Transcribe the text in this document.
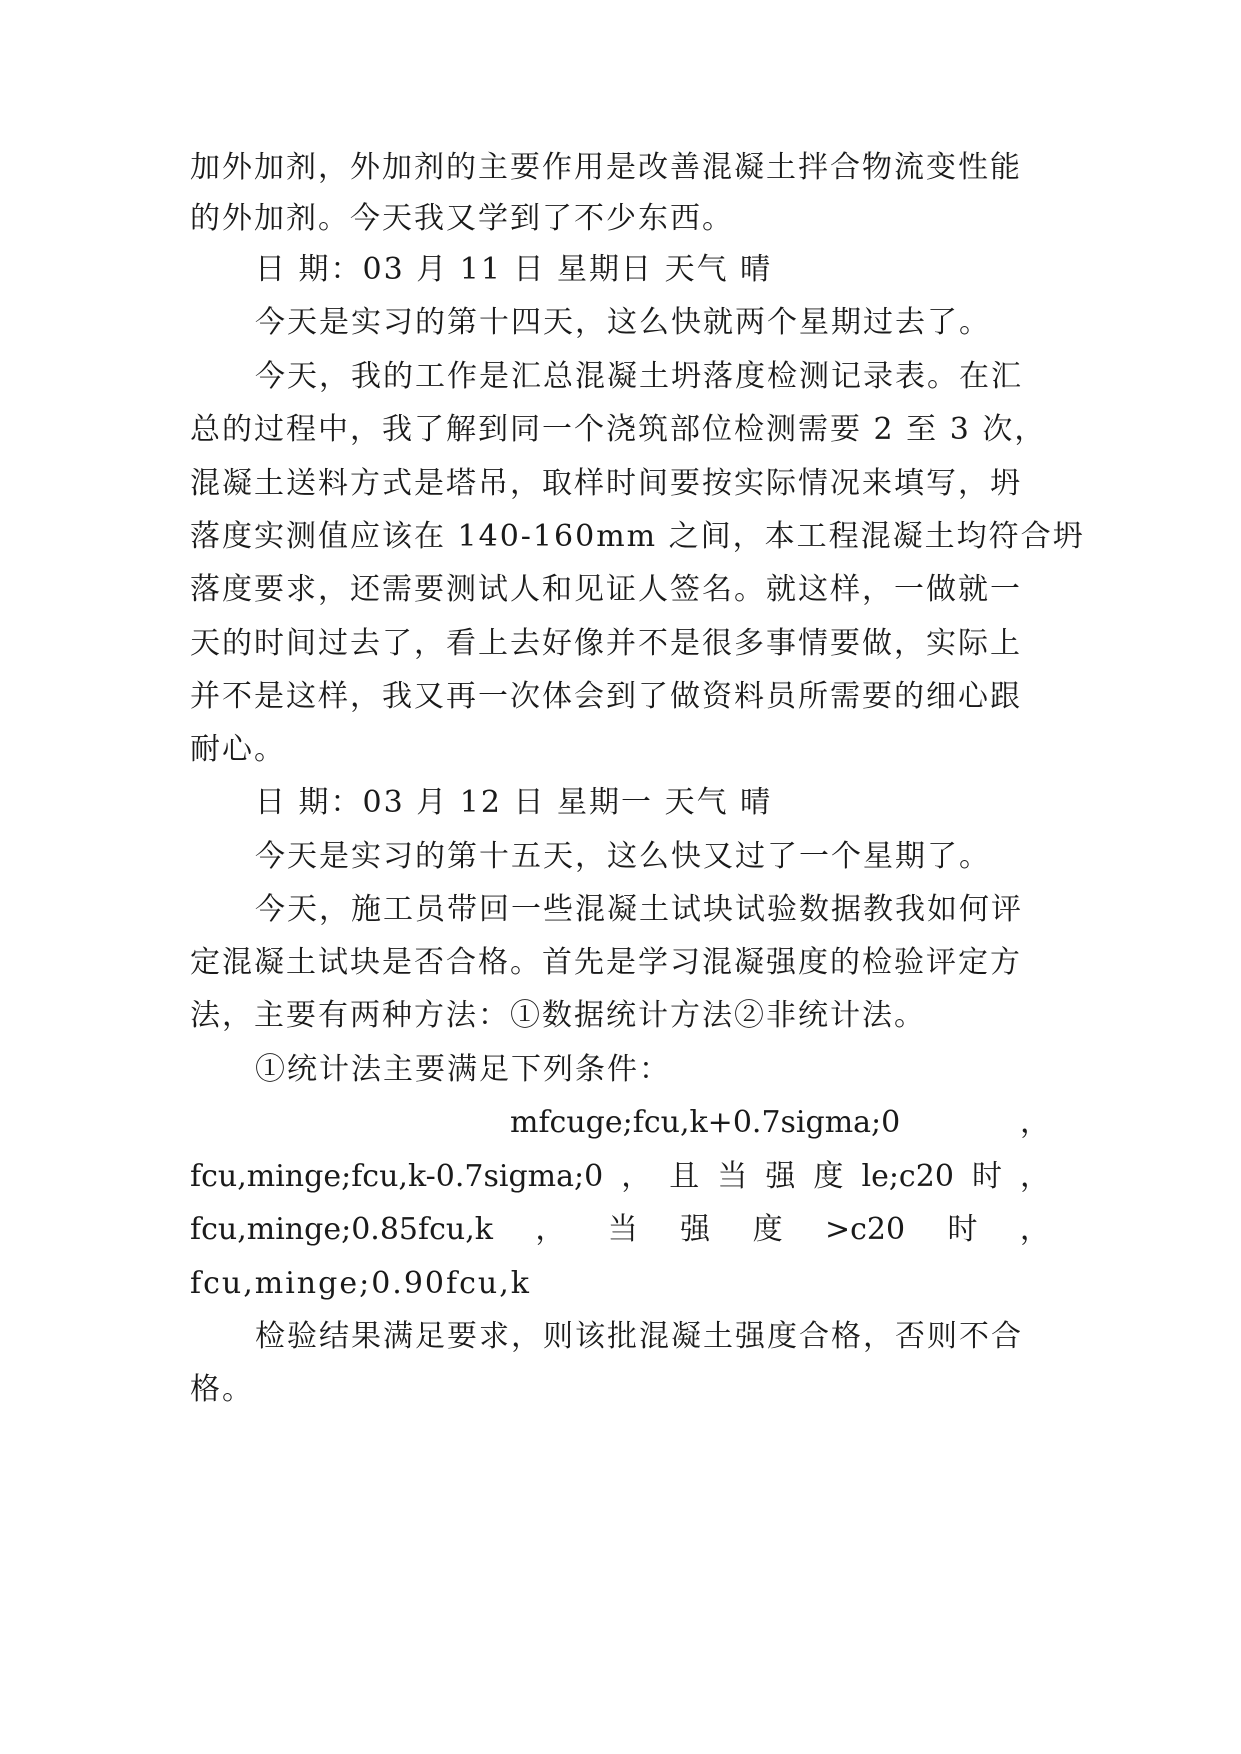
加外加剂，外加剂的主要作用是改善混凝土拌合物流变性能
的外加剂。今天我又学到了不少东西。
日 期：03 月 11 日 星期日 天气 晴
今天是实习的第十四天，这么快就两个星期过去了。
今天，我的工作是汇总混凝土坍落度检测记录表。在汇
总的过程中，我了解到同一个浇筑部位检测需要 2 至 3 次，
混凝土送料方式是塔吊，取样时间要按实际情况来填写，坍
落度实测值应该在 140-160mm 之间，本工程混凝土均符合坍
落度要求，还需要测试人和见证人签名。就这样，一做就一
天的时间过去了，看上去好像并不是很多事情要做，实际上
并不是这样，我又再一次体会到了做资料员所需要的细心跟
耐心。
日 期：03 月 12 日 星期一 天气 晴
今天是实习的第十五天，这么快又过了一个星期了。
今天，施工员带回一些混凝土试块试验数据教我如何评
定混凝土试块是否合格。首先是学习混凝强度的检验评定方
法，主要有两种方法：①数据统计方法②非统计法。
①统计法主要满足下列条件：
mfcuge;fcu,k+0.7sigma;0	，
fcu,minge;fcu,k-0.7sigma;0 ， 且 当 强 度 le;c20 时 ，
fcu,minge;0.85fcu,k ， 当 强 度 >c20 时 ，
fcu,minge;0.90fcu,k
检验结果满足要求，则该批混凝土强度合格，否则不合
格。
